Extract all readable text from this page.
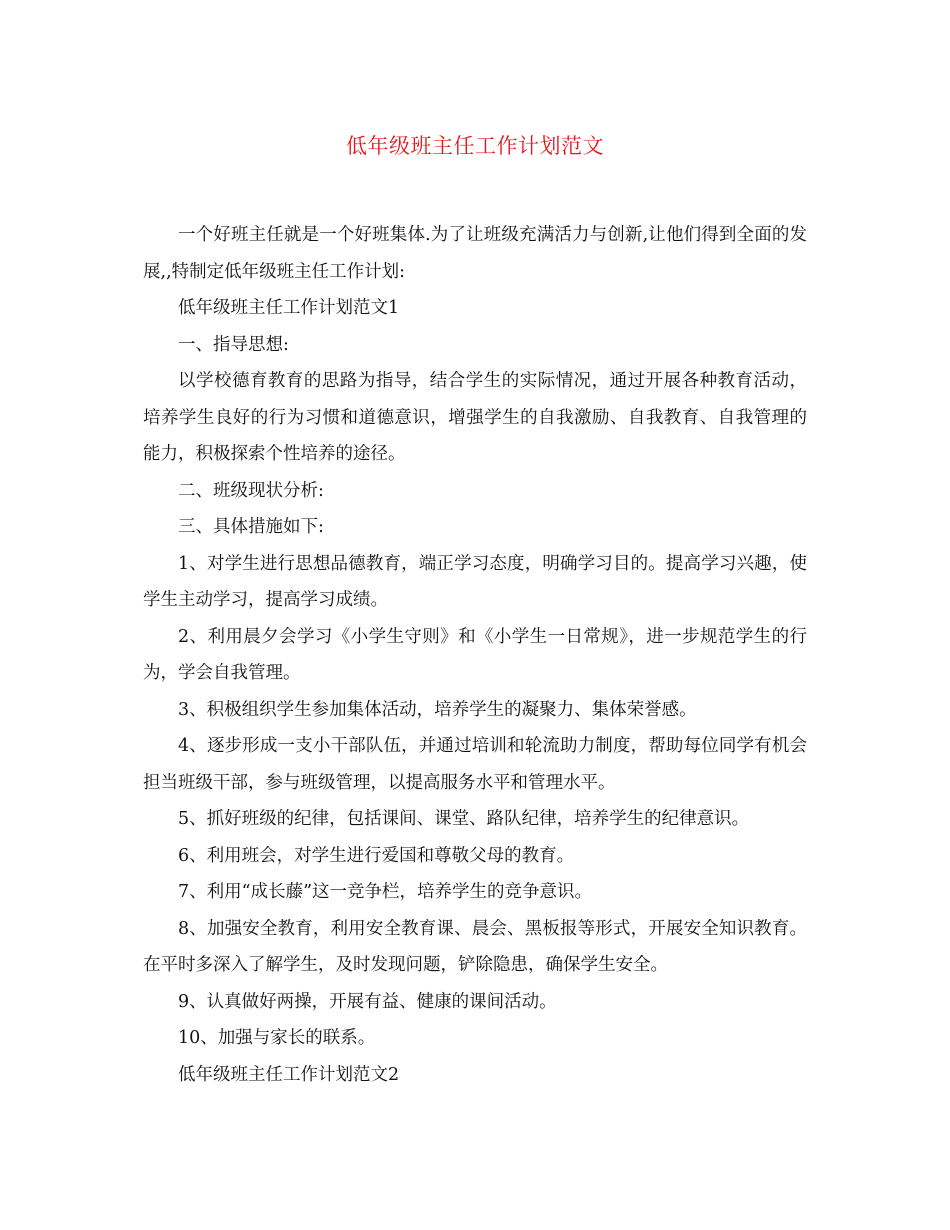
低年级班主任工作计划范文

一个好班主任就是一个好班集体.为了让班级充满活力与创新,让他们得到全面的发展,,特制定低年级班主任工作计划:

低年级班主任工作计划范文1

一、指导思想:

以学校德育教育的思路为指导，结合学生的实际情况，通过开展各种教育活动，培养学生良好的行为习惯和道德意识，增强学生的自我激励、自我教育、自我管理的能力，积极探索个性培养的途径。

二、班级现状分析:

三、具体措施如下:

1、对学生进行思想品德教育，端正学习态度，明确学习目的。提高学习兴趣，使学生主动学习，提高学习成绩。

2、利用晨夕会学习《小学生守则》和《小学生一日常规》，进一步规范学生的行为，学会自我管理。

3、积极组织学生参加集体活动，培养学生的凝聚力、集体荣誉感。

4、逐步形成一支小干部队伍，并通过培训和轮流助力制度，帮助每位同学有机会担当班级干部，参与班级管理，以提高服务水平和管理水平。

5、抓好班级的纪律，包括课间、课堂、路队纪律，培养学生的纪律意识。

6、利用班会，对学生进行爱国和尊敬父母的教育。

7、利用“成长藤”这一竞争栏，培养学生的竞争意识。

8、加强安全教育，利用安全教育课、晨会、黑板报等形式，开展安全知识教育。在平时多深入了解学生，及时发现问题，铲除隐患，确保学生安全。

9、认真做好两操，开展有益、健康的课间活动。

10、加强与家长的联系。

低年级班主任工作计划范文2
